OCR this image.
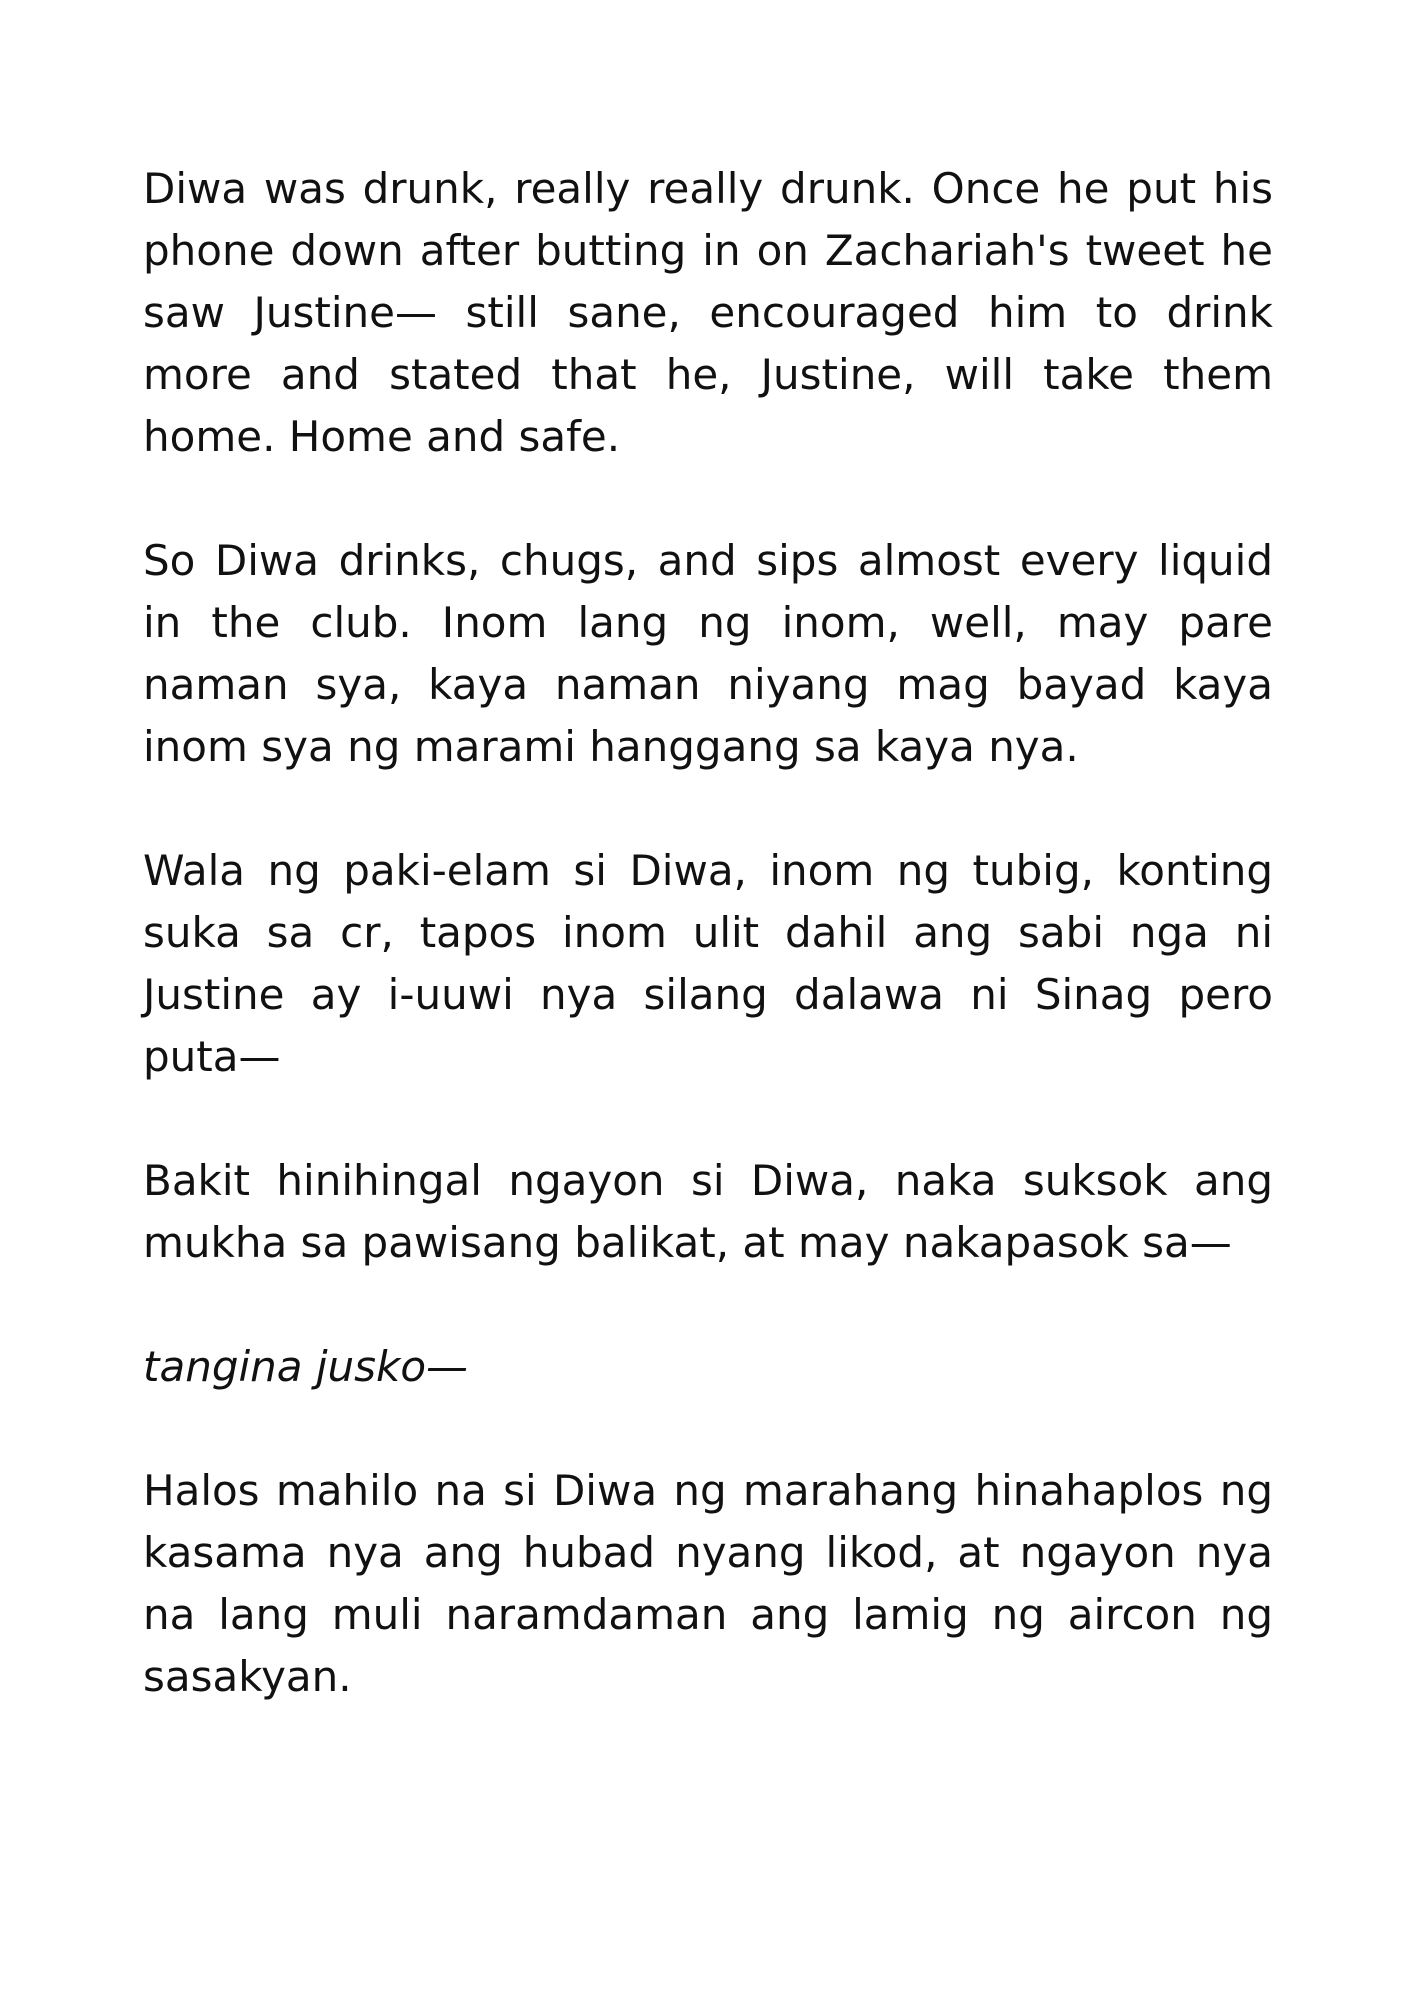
Diwa was drunk, really really drunk. Once he put his phone down after butting in on Zachariah's tweet he saw Justine— still sane, encouraged him to drink more and stated that he, Justine, will take them home. Home and safe.

So Diwa drinks, chugs, and sips almost every liquid in the club. Inom lang ng inom, well, may pare naman sya, kaya naman niyang mag bayad kaya inom sya ng marami hanggang sa kaya nya.

Wala ng paki-elam si Diwa, inom ng tubig, konting suka sa cr, tapos inom ulit dahil ang sabi nga ni Justine ay i-uuwi nya silang dalawa ni Sinag pero puta—

Bakit hinihingal ngayon si Diwa, naka suksok ang mukha sa pawisang balikat, at may nakapasok sa—

tangina jusko—

Halos mahilo na si Diwa ng marahang hinahaplos ng kasama nya ang hubad nyang likod, at ngayon nya na lang muli naramdaman ang lamig ng aircon ng sasakyan.
